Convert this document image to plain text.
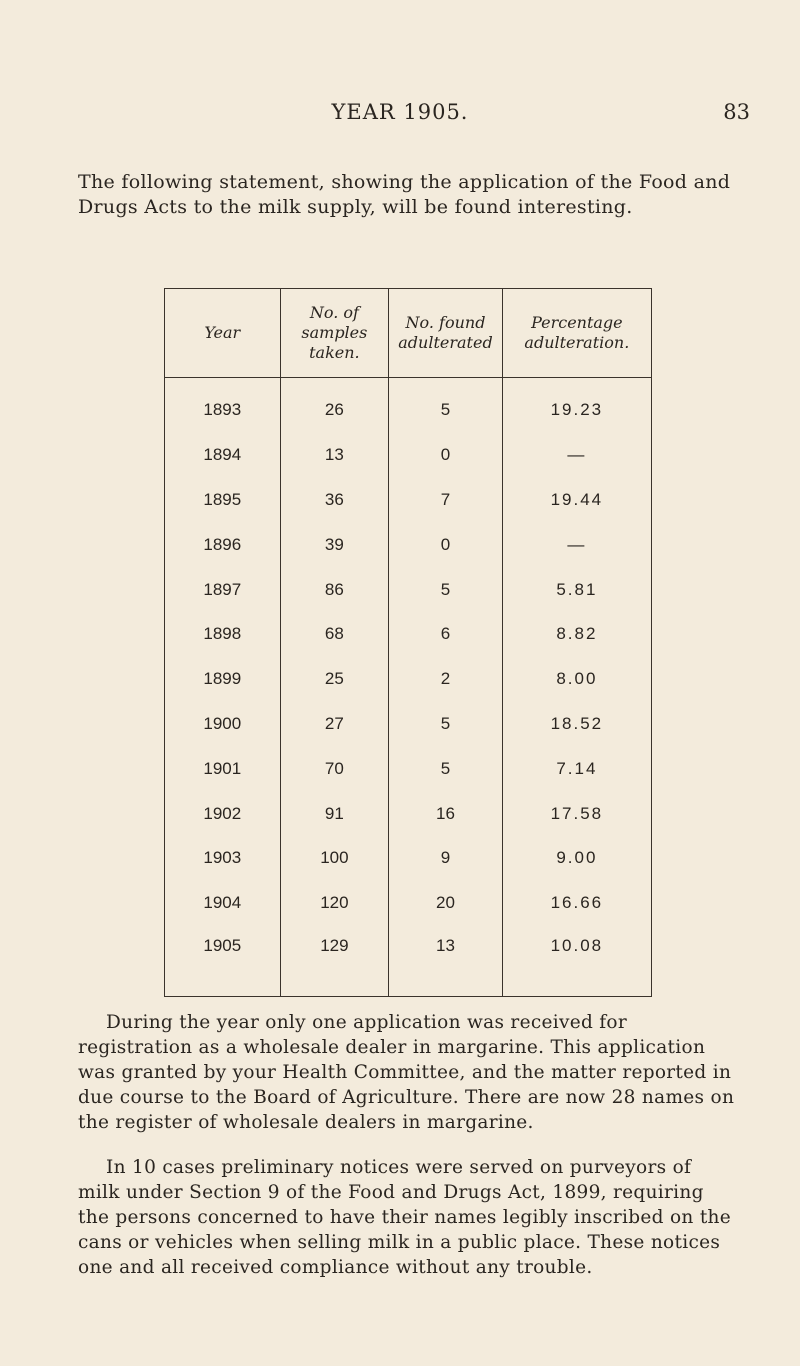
YEAR 1905.	83
The following statement, showing the application of the Food and Drugs Acts to the milk supply, will be found interesting.
Year	No. of samples taken.	No. found adulterated	Percentage adulteration.
1893	26	5	19.23
1894	13	0	—
1895	36	7	19.44
1896	39	0	—
1897	86	5	5.81
1898	68	6	8.82
1899	25	2	8.00
1900	27	5	18.52
1901	70	5	7.14
1902	91	16	17.58
1903	100	9	9.00
1904	120	20	16.66
1905	129	13	10.08

During the year only one application was received for registration as a wholesale dealer in margarine. This application was granted by your Health Committee, and the matter reported in due course to the Board of Agriculture. There are now 28 names on the register of wholesale dealers in margarine.

In 10 cases preliminary notices were served on purveyors of milk under Section 9 of the Food and Drugs Act, 1899, requiring the persons concerned to have their names legibly inscribed on the cans or vehicles when selling milk in a public place. These notices one and all received compliance without any trouble.
